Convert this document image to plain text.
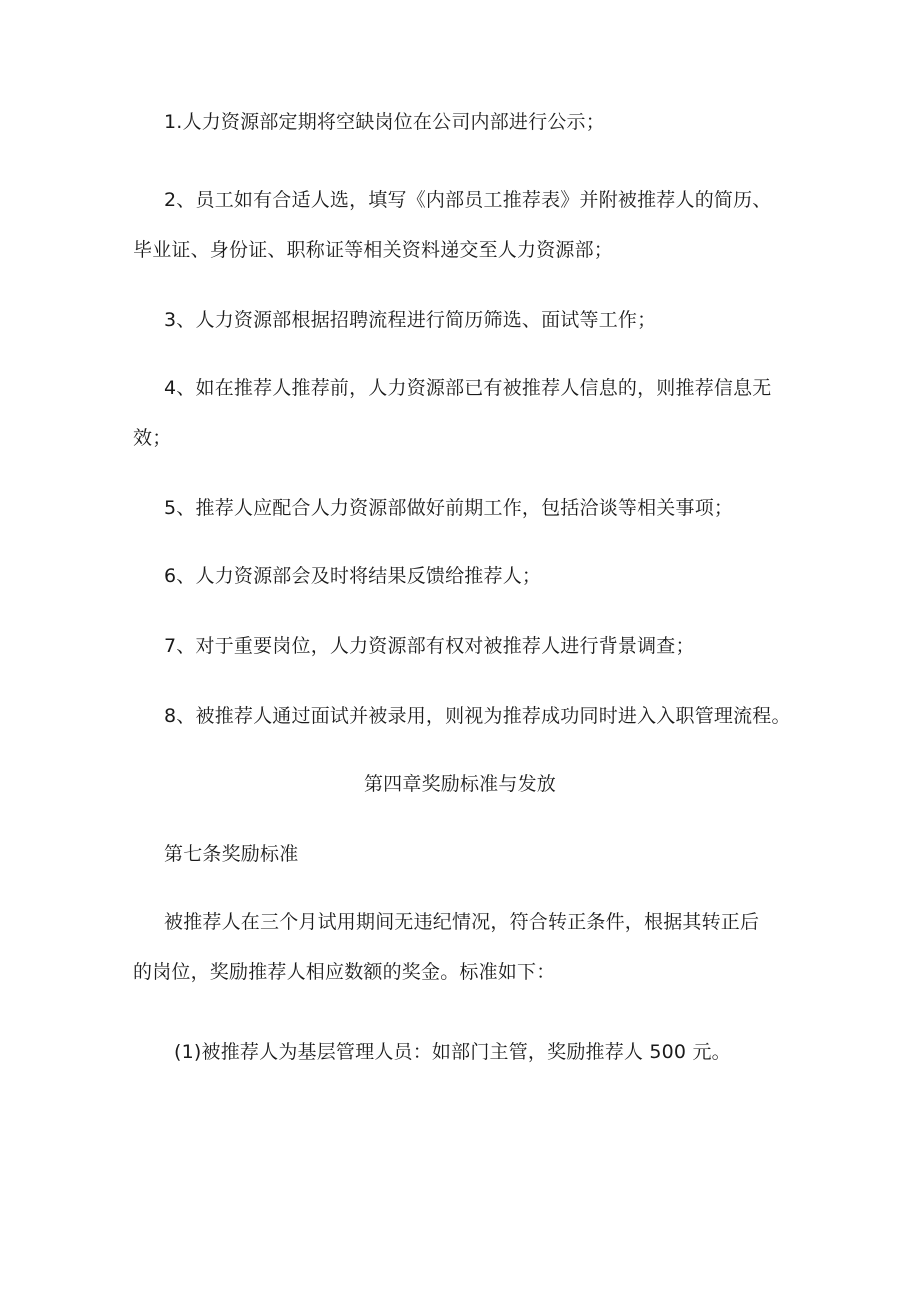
1.人力资源部定期将空缺岗位在公司内部进行公示；

2、员工如有合适人选，填写《内部员工推荐表》并附被推荐人的简历、

毕业证、身份证、职称证等相关资料递交至人力资源部；

3、人力资源部根据招聘流程进行简历筛选、面试等工作；

4、如在推荐人推荐前，人力资源部已有被推荐人信息的，则推荐信息无

效；

5、推荐人应配合人力资源部做好前期工作，包括洽谈等相关事项；

6、人力资源部会及时将结果反馈给推荐人；

7、对于重要岗位，人力资源部有权对被推荐人进行背景调查；

8、被推荐人通过面试并被录用，则视为推荐成功同时进入入职管理流程。

第四章奖励标准与发放

第七条奖励标准

被推荐人在三个月试用期间无违纪情况，符合转正条件，根据其转正后

的岗位，奖励推荐人相应数额的奖金。标准如下：

(1)被推荐人为基层管理人员：如部门主管，奖励推荐人 500 元。
